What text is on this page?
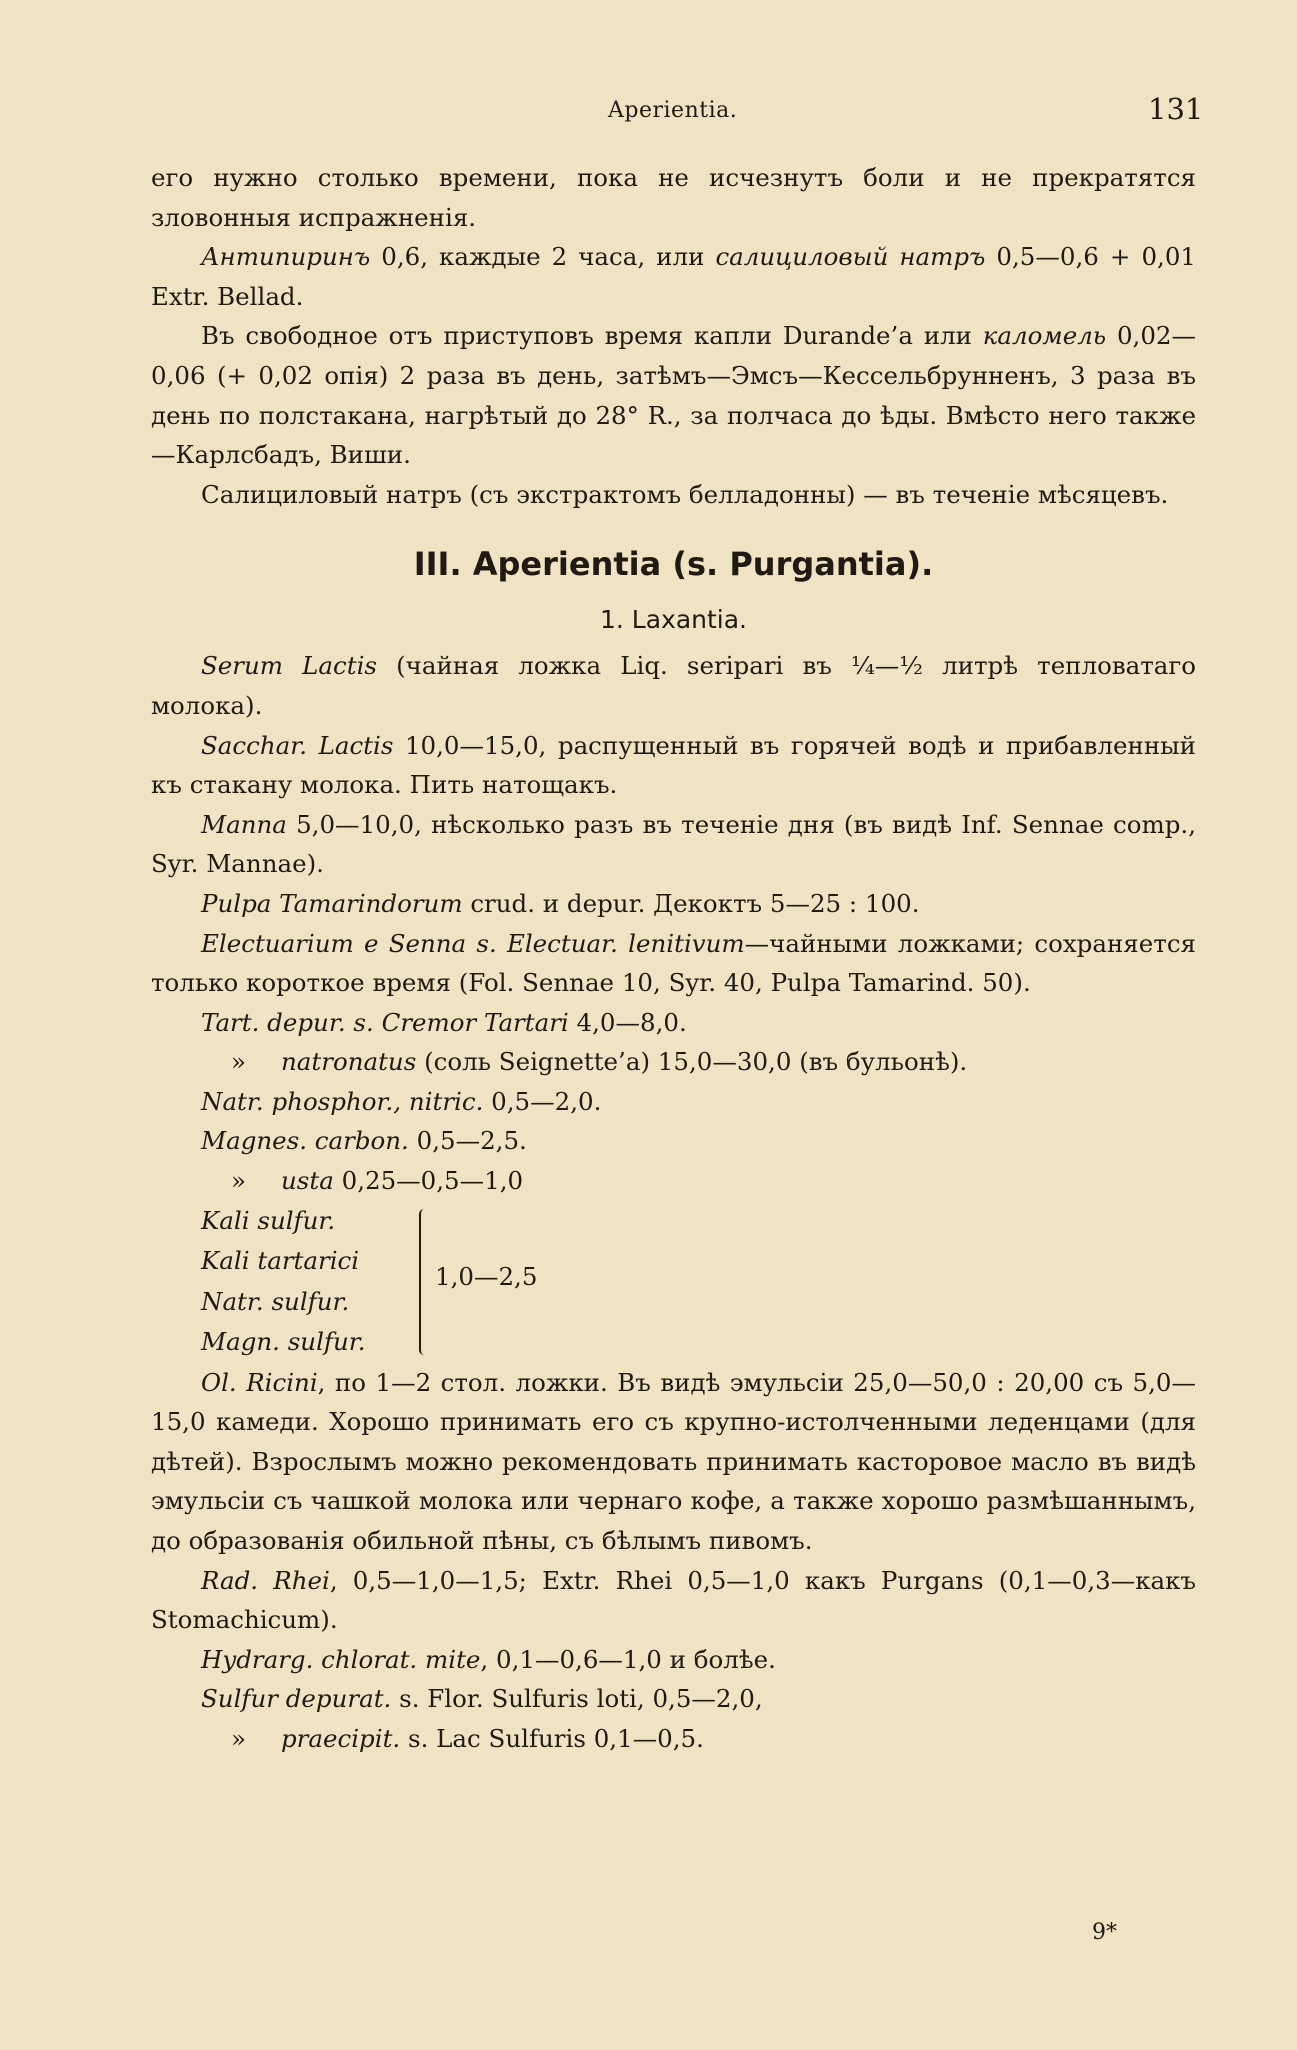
Aperientia.	131

его нужно столько времени, пока не исчезнутъ боли и не прекратятся зловонныя испражненія.

Антипиринъ 0,6, каждые 2 часа, или салициловый натръ 0,5—0,6 + 0,01 Extr. Bellad.

Въ свободное отъ приступовъ время капли Durande’a или каломель 0,02—0,06 (+ 0,02 опія) 2 раза въ день, затѣмъ—Эмсъ—Кессельбрунненъ, 3 раза въ день по полстакана, нагрѣтый до 28° R., за полчаса до ѣды. Вмѣсто него также—Карлсбадъ, Виши.

Салициловый натръ (съ экстрактомъ белладонны) — въ теченіе мѣсяцевъ.

III. Aperientia (s. Purgantia).
1. Laxantia.

Serum Lactis (чайная ложка Liq. seripari въ ¼—½ литрѣ тепловатаго молока).

Sacchar. Lactis 10,0—15,0, распущенный въ горячей водѣ и прибавленный къ стакану молока. Пить натощакъ.

Manna 5,0—10,0, нѣсколько разъ въ теченіе дня (въ видѣ Inf. Sennae comp., Syr. Mannae).

Pulpa Tamarindorum crud. и depur. Декоктъ 5—25 : 100.

Electuarium e Senna s. Electuar. lenitivum—чайными ложками; сохраняется только короткое время (Fol. Sennae 10, Syr. 40, Pulpa Tamarind. 50).

Tart. depur. s. Cremor Tartari 4,0—8,0.

» natronatus (соль Seignette’a) 15,0—30,0 (въ бульонѣ).

Natr. phosphor., nitric. 0,5—2,0.

Magnes. carbon. 0,5—2,5.

» usta 0,25—0,5—1,0

Kali sulfur.
Kali tartarici
Natr. sulfur.
Magn. sulfur.
1,0—2,5

Ol. Ricini, по 1—2 стол. ложки. Въ видѣ эмульсіи 25,0—50,0 : 20,00 съ 5,0—15,0 камеди. Хорошо принимать его съ крупно-истолченными леденцами (для дѣтей). Взрослымъ можно рекомендовать принимать касторовое масло въ видѣ эмульсіи съ чашкой молока или чернаго кофе, а также хорошо размѣшаннымъ, до образованія обильной пѣны, съ бѣлымъ пивомъ.

Rad. Rhei, 0,5—1,0—1,5; Extr. Rhei 0,5—1,0 какъ Purgans (0,1—0,3—какъ Stomachicum).

Hydrarg. chlorat. mite, 0,1—0,6—1,0 и болѣе.

Sulfur depurat. s. Flor. Sulfuris loti, 0,5—2,0,

» praecipit. s. Lac Sulfuris 0,1—0,5.

9*
